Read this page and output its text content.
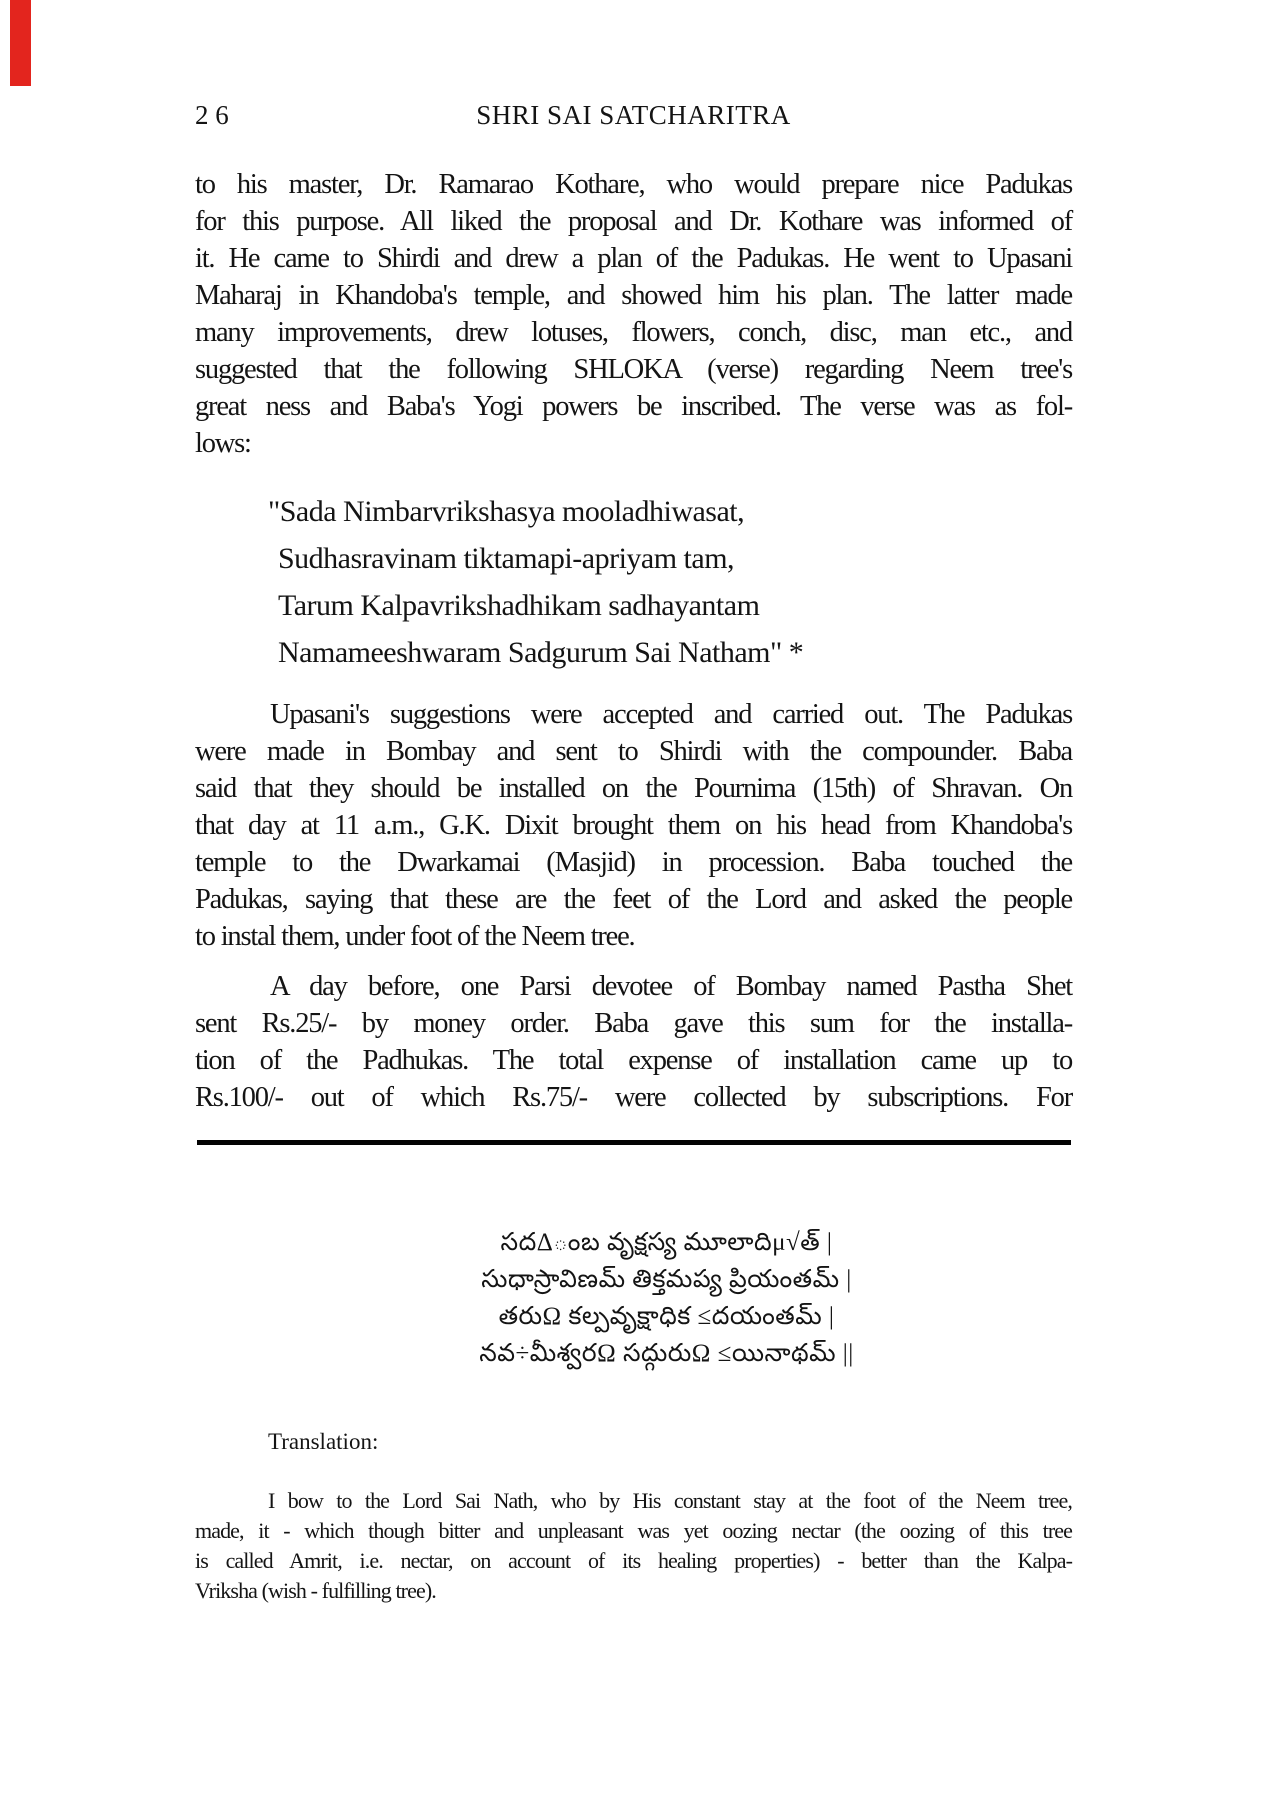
2 6	SHRI SAI SATCHARITRA
to his master, Dr. Ramarao Kothare, who would prepare nice Padukas
for this purpose. All liked the proposal and Dr. Kothare was informed of
it. He came to Shirdi and drew a plan of the Padukas. He went to Upasani
Maharaj in Khandoba's temple, and showed him his plan. The latter made
many improvements, drew lotuses, flowers, conch, disc, man etc., and
suggested that the following SHLOKA (verse) regarding Neem tree's
great ness and Baba's Yogi powers be inscribed. The verse was as fol-
lows:
"Sada Nimbarvrikshasya mooladhiwasat,
Sudhasravinam tiktamapi-apriyam tam,
Tarum Kalpavrikshadhikam sadhayantam
Namameeshwaram Sadgurum Sai Natham" *
Upasani's suggestions were accepted and carried out. The Padukas
were made in Bombay and sent to Shirdi with the compounder. Baba
said that they should be installed on the Pournima (15th) of Shravan. On
that day at 11 a.m., G.K. Dixit brought them on his head from Khandoba's
temple to the Dwarkamai (Masjid) in procession. Baba touched the
Padukas, saying that these are the feet of the Lord and asked the people
to instal them, under foot of the Neem tree.
A day before, one Parsi devotee of Bombay named Pastha Shet
sent Rs.25/- by money order. Baba gave this sum for the installa-
tion of the Padhukas. The total expense of installation came up to
Rs.100/- out of which Rs.75/- were collected by subscriptions. For
సదΔంబ వృక్షస్య మూలాదిμ√త్ |
సుధాస్రావిణమ్ తిక్తమప్య ప్రియంతమ్ |
తరుΩ కల్పవృక్షాధిక ≤దయంతమ్ |
నవ÷మీశ్వరΩ సద్గురుΩ ≤యినాథమ్ ||
Translation:
I bow to the Lord Sai Nath, who by His constant stay at the foot of the Neem tree,
made, it - which though bitter and unpleasant was yet oozing nectar (the oozing of this tree
is called Amrit, i.e. nectar, on account of its healing properties) - better than the Kalpa-
Vriksha (wish - fulfilling tree).
